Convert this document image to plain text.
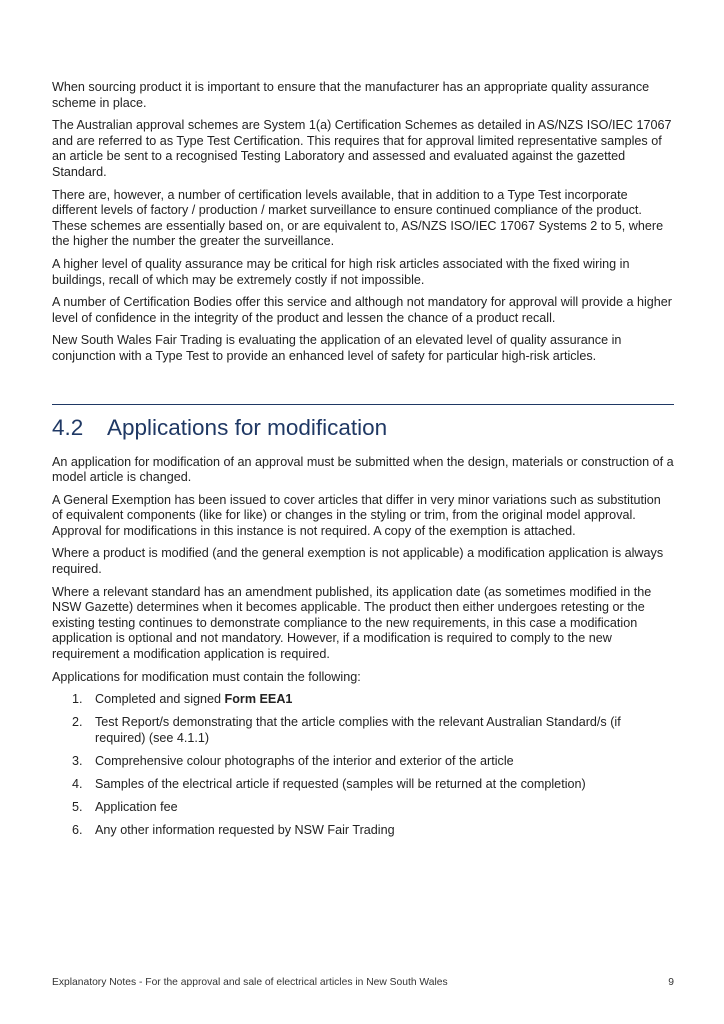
When sourcing product it is important to ensure that the manufacturer has an appropriate quality assurance scheme in place.

The Australian approval schemes are System 1(a) Certification Schemes as detailed in AS/NZS ISO/IEC 17067 and are referred to as Type Test Certification. This requires that for approval limited representative samples of an article be sent to a recognised Testing Laboratory and assessed and evaluated against the gazetted Standard.

There are, however, a number of certification levels available, that in addition to a Type Test incorporate different levels of factory / production / market surveillance to ensure continued compliance of the product. These schemes are essentially based on, or are equivalent to, AS/NZS ISO/IEC 17067 Systems 2 to 5, where the higher the number the greater the surveillance.

A higher level of quality assurance may be critical for high risk articles associated with the fixed wiring in buildings, recall of which may be extremely costly if not impossible.

A number of Certification Bodies offer this service and although not mandatory for approval will provide a higher level of confidence in the integrity of the product and lessen the chance of a product recall.

New South Wales Fair Trading is evaluating the application of an elevated level of quality assurance in conjunction with a Type Test to provide an enhanced level of safety for particular high-risk articles.

4.2	Applications for modification

An application for modification of an approval must be submitted when the design, materials or construction of a model article is changed.

A General Exemption has been issued to cover articles that differ in very minor variations such as substitution of equivalent components (like for like) or changes in the styling or trim, from the original model approval. Approval for modifications in this instance is not required. A copy of the exemption is attached.

Where a product is modified (and the general exemption is not applicable) a modification application is always required.

Where a relevant standard has an amendment published, its application date (as sometimes modified in the NSW Gazette) determines when it becomes applicable. The product then either undergoes retesting or the existing testing continues to demonstrate compliance to the new requirements, in this case a modification application is optional and not mandatory. However, if a modification is required to comply to the new requirement a modification application is required.

Applications for modification must contain the following:

1. Completed and signed Form EEA1
2. Test Report/s demonstrating that the article complies with the relevant Australian Standard/s (if required) (see 4.1.1)
3. Comprehensive colour photographs of the interior and exterior of the article
4. Samples of the electrical article if requested (samples will be returned at the completion)
5. Application fee
6. Any other information requested by NSW Fair Trading
Explanatory Notes - For the approval and sale of electrical articles in New South Wales	9
